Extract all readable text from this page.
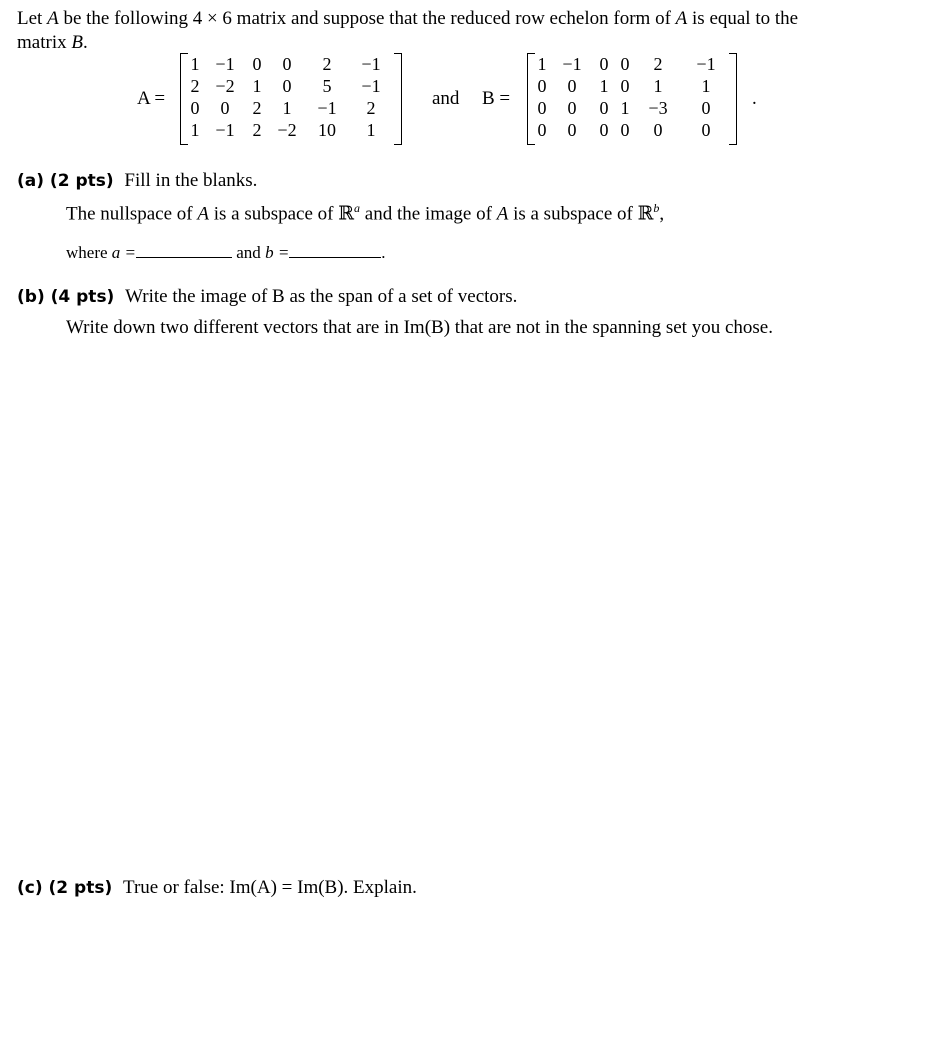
Let A be the following 4 × 6 matrix and suppose that the reduced row echelon form of A is equal to the
matrix B.
A =
1	−1	0	0	2	−1
2	−2	1	0	5	−1
0	0	2	1	−1	2
1	−1	2	−2	10	1
and B =
1	−1	0	0	2	−1
0	0	1	0	1	1
0	0	0	1	−3	0
0	0	0	0	0	0
.
(a) (2 pts) Fill in the blanks.
The nullspace of A is a subspace of ℝ$^a$ and the image of A is a subspace of ℝ$^b$,
where a =	and b =	.
(b) (4 pts) Write the image of B as the span of a set of vectors.
Write down two different vectors that are in Im(B) that are not in the spanning set you chose.
(c) (2 pts) True or false: Im(A) = Im(B). Explain.
